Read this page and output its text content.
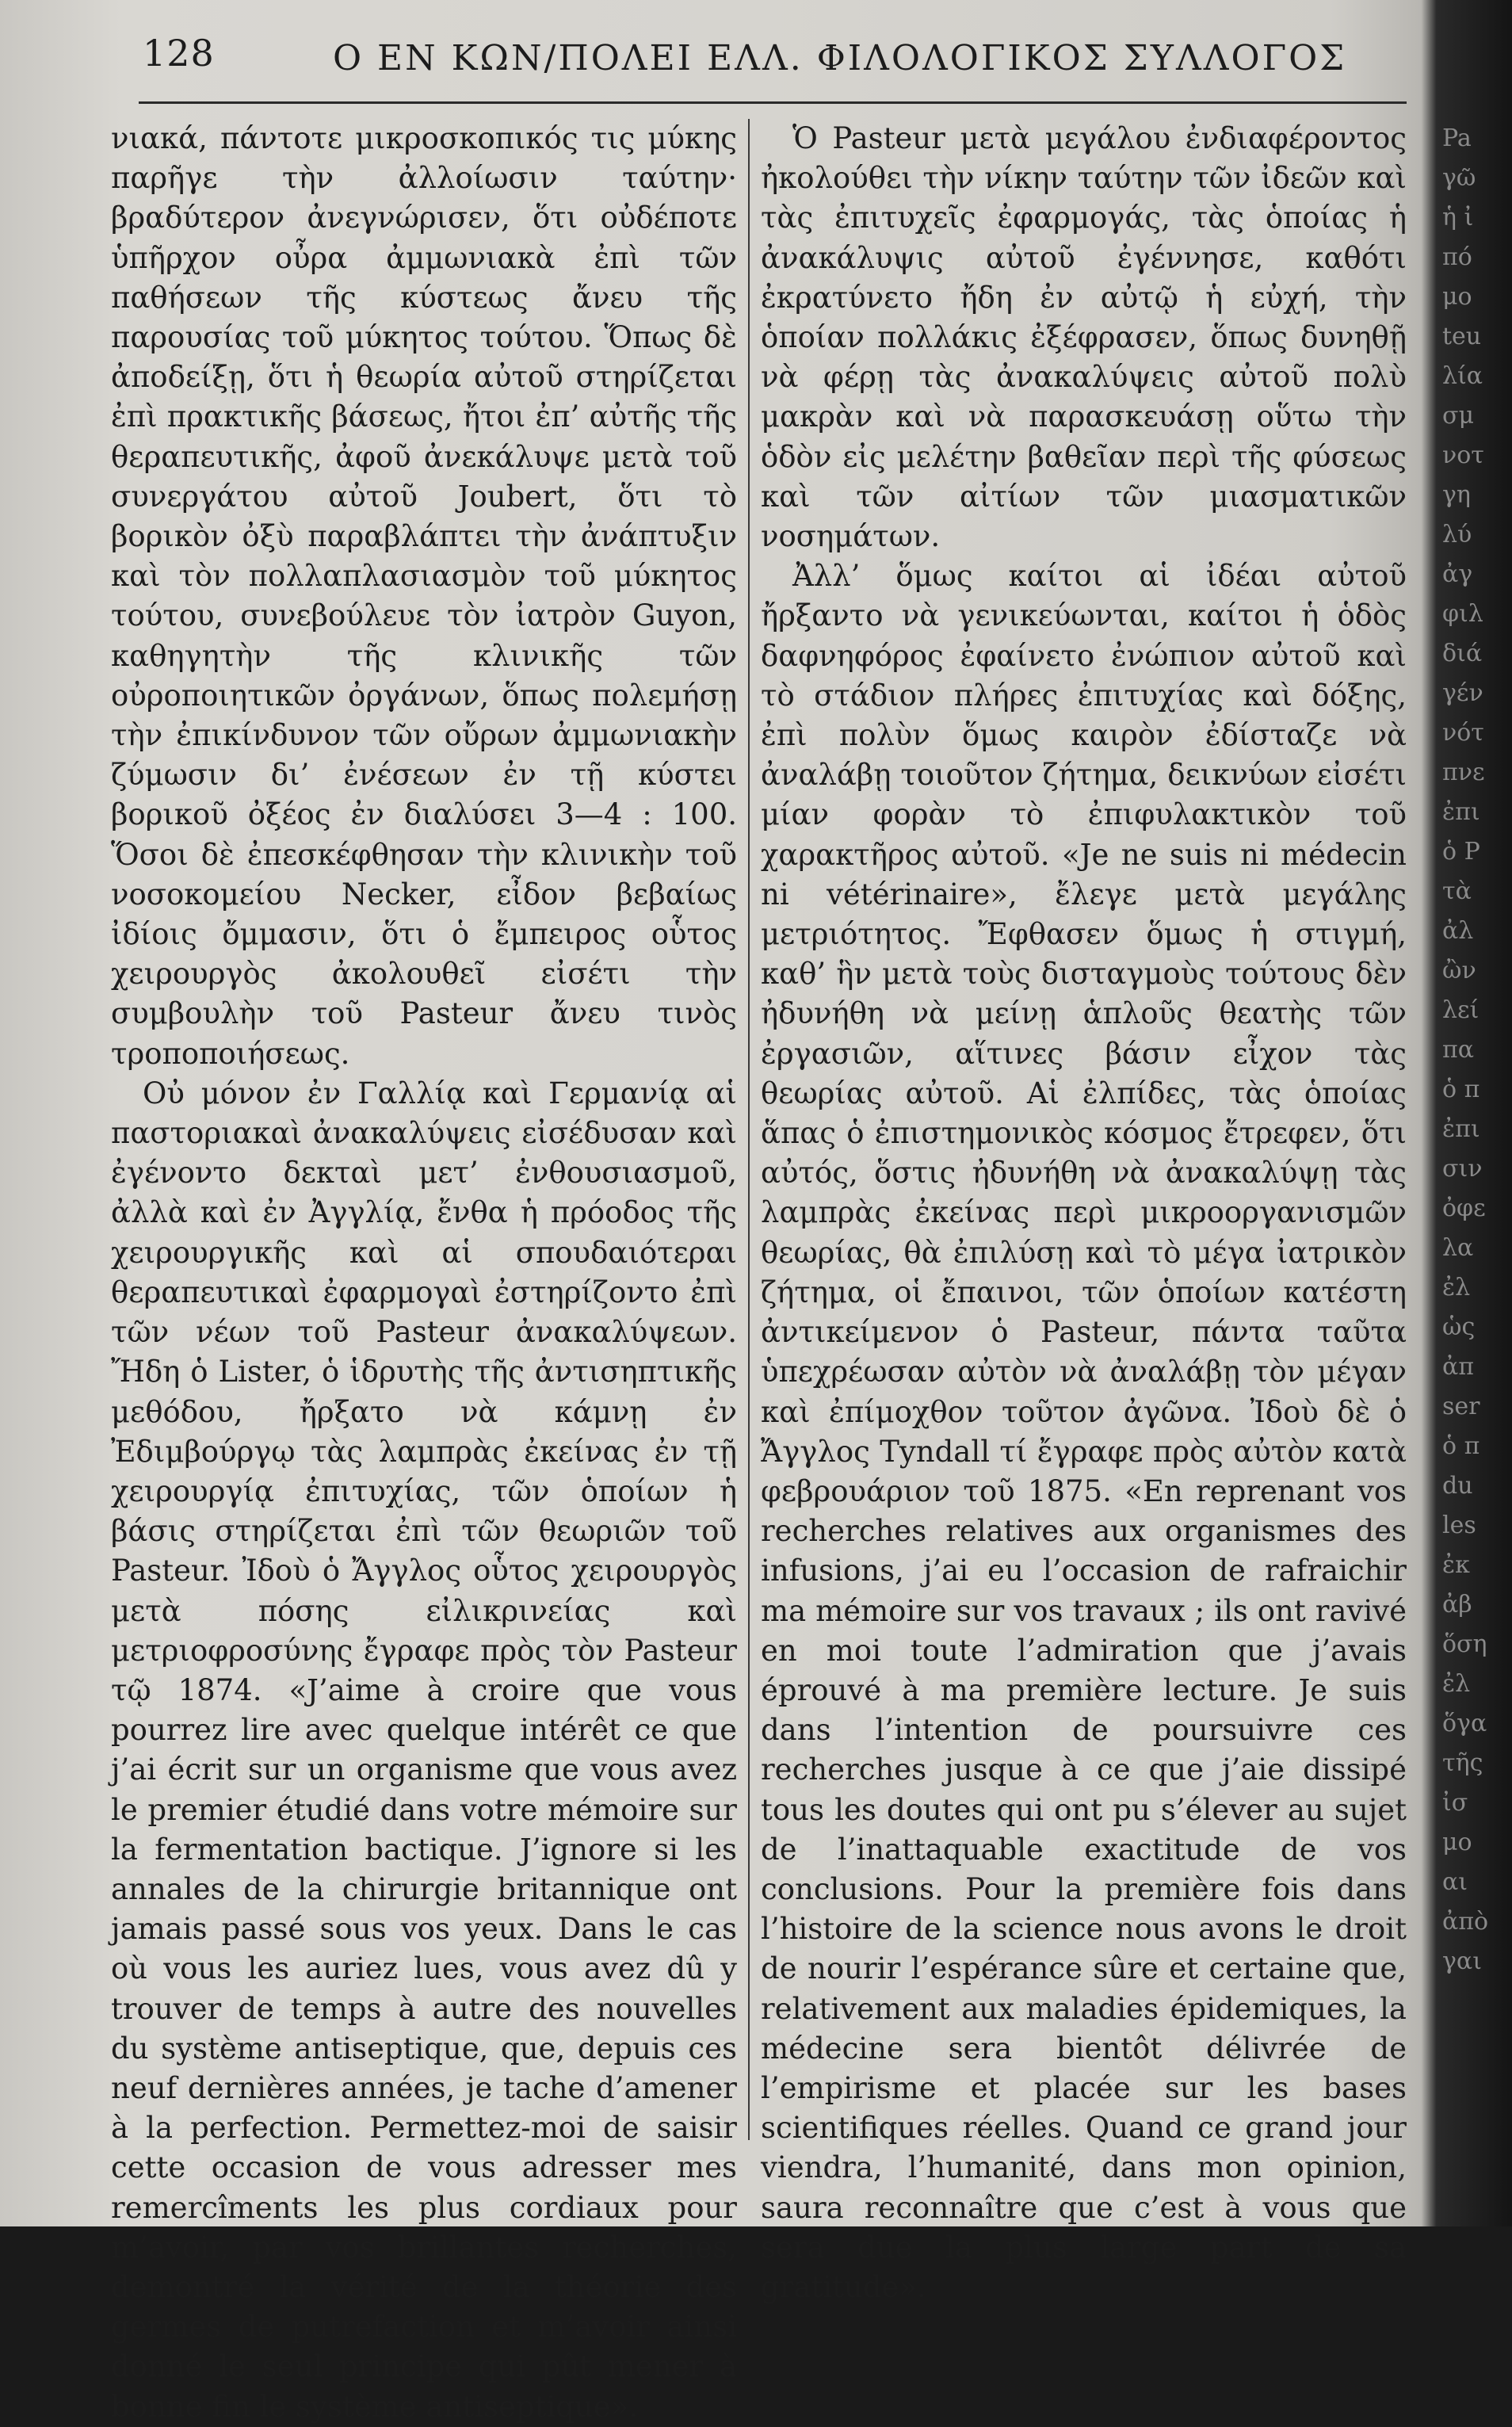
128	Ο ΕΝ ΚΩΝ/ΠΟΛΕΙ ΕΛΛ. ΦΙΛΟΛΟΓΙΚΟΣ ΣΥΛΛΟΓΟΣ

νιακά, πάντοτε μικροσκοπικός τις μύκης παρῆγε τὴν ἀλλοίωσιν ταύτην· βραδύτερον ἀνεγνώρισεν, ὅτι οὐδέποτε ὑπῆρχον οὖρα ἀμμωνιακὰ ἐπὶ τῶν παθήσεων τῆς κύστεως ἄνευ τῆς παρουσίας τοῦ μύκητος τούτου. Ὅπως δὲ ἀποδείξῃ, ὅτι ἡ θεωρία αὐτοῦ στηρίζεται ἐπὶ πρακτικῆς βάσεως, ἤτοι ἐπ’ αὐτῆς τῆς θεραπευτικῆς, ἀφοῦ ἀνεκάλυψε μετὰ τοῦ συνεργάτου αὐτοῦ Joubert, ὅτι τὸ βορικὸν ὀξὺ παραβλάπτει τὴν ἀνάπτυξιν καὶ τὸν πολλαπλασιασμὸν τοῦ μύκητος τούτου, συνεβούλευε τὸν ἰατρὸν Guyon, καθηγητὴν τῆς κλινικῆς τῶν οὐροποιητικῶν ὀργάνων, ὅπως πολεμήσῃ τὴν ἐπικίνδυνον τῶν οὔρων ἀμμωνιακὴν ζύμωσιν δι’ ἐνέσεων ἐν τῇ κύστει βορικοῦ ὀξέος ἐν διαλύσει 3—4 : 100. Ὅσοι δὲ ἐπεσκέφθησαν τὴν κλινικὴν τοῦ νοσοκομείου Necker, εἶδον βεβαίως ἰδίοις ὄμμασιν, ὅτι ὁ ἔμπειρος οὗτος χειρουργὸς ἀκολουθεῖ εἰσέτι τὴν συμβουλὴν τοῦ Pasteur ἄνευ τινὸς τροποποιήσεως.

Οὐ μόνον ἐν Γαλλίᾳ καὶ Γερμανίᾳ αἱ παστοριακαὶ ἀνακαλύψεις εἰσέδυσαν καὶ ἐγένοντο δεκταὶ μετ’ ἐνθουσιασμοῦ, ἀλλὰ καὶ ἐν Ἀγγλίᾳ, ἔνθα ἡ πρόοδος τῆς χειρουργικῆς καὶ αἱ σπουδαιότεραι θεραπευτικαὶ ἐφαρμογαὶ ἐστηρίζοντο ἐπὶ τῶν νέων τοῦ Pasteur ἀνακαλύψεων. Ἤδη ὁ Lister, ὁ ἱδρυτὴς τῆς ἀντισηπτικῆς μεθόδου, ἤρξατο νὰ κάμνῃ ἐν Ἐδιμβούργῳ τὰς λαμπρὰς ἐκείνας ἐν τῇ χειρουργίᾳ ἐπιτυχίας, τῶν ὁποίων ἡ βάσις στηρίζεται ἐπὶ τῶν θεωριῶν τοῦ Pasteur. Ἰδοὺ ὁ Ἄγγλος οὗτος χειρουργὸς μετὰ πόσης εἰλικρινείας καὶ μετριοφροσύνης ἔγραφε πρὸς τὸν Pasteur τῷ 1874. «J’aime à croire que vous pourrez lire avec quelque intérêt ce que j’ai écrit sur un organisme que vous avez le premier étudié dans votre mémoire sur la fermentation bactique. J’ignore si les annales de la chirurgie britannique ont jamais passé sous vos yeux. Dans le cas où vous les auriez lues, vous avez dû y trouver de temps à autre des nouvelles du système antiseptique, que, depuis ces neuf dernières années, je tache d’amener à la perfection. Permettez-moi de saisir cette occasion de vous adresser mes remercîments les plus cordiaux pour m’avoir, par vos brillantes recherches, demontré la vérité de la théorie des germes de putrefaction et m’avoir ainsi donné le seul principe qui pût mener à bonne fin le système antiseptique».

Ὁ Pasteur μετὰ μεγάλου ἐνδιαφέροντος ἠκολούθει τὴν νίκην ταύτην τῶν ἰδεῶν καὶ τὰς ἐπιτυχεῖς ἐφαρμογάς, τὰς ὁποίας ἡ ἀνακάλυψις αὐτοῦ ἐγέννησε, καθότι ἐκρατύνετο ἤδη ἐν αὐτῷ ἡ εὐχή, τὴν ὁποίαν πολλάκις ἐξέφρασεν, ὅπως δυνηθῇ νὰ φέρῃ τὰς ἀνακαλύψεις αὐτοῦ πολὺ μακρὰν καὶ νὰ παρασκευάσῃ οὕτω τὴν ὁδὸν εἰς μελέτην βαθεῖαν περὶ τῆς φύσεως καὶ τῶν αἰτίων τῶν μιασματικῶν νοσημάτων.

Ἀλλ’ ὅμως καίτοι αἱ ἰδέαι αὐτοῦ ἤρξαντο νὰ γενικεύωνται, καίτοι ἡ ὁδὸς δαφνηφόρος ἐφαίνετο ἐνώπιον αὐτοῦ καὶ τὸ στάδιον πλήρες ἐπιτυχίας καὶ δόξης, ἐπὶ πολὺν ὅμως καιρὸν ἐδίσταζε νὰ ἀναλάβῃ τοιοῦτον ζήτημα, δεικνύων εἰσέτι μίαν φορὰν τὸ ἐπιφυλακτικὸν τοῦ χαρακτῆρος αὐτοῦ. «Je ne suis ni médecin ni vétérinaire», ἔλεγε μετὰ μεγάλης μετριότητος. Ἔφθασεν ὅμως ἡ στιγμή, καθ’ ἣν μετὰ τοὺς δισταγμοὺς τούτους δὲν ἠδυνήθη νὰ μείνῃ ἁπλοῦς θεατὴς τῶν ἐργασιῶν, αἵτινες βάσιν εἶχον τὰς θεωρίας αὐτοῦ. Αἱ ἐλπίδες, τὰς ὁποίας ἅπας ὁ ἐπιστημονικὸς κόσμος ἔτρεφεν, ὅτι αὐτός, ὅστις ἠδυνήθη νὰ ἀνακαλύψῃ τὰς λαμπρὰς ἐκείνας περὶ μικροοργανισμῶν θεωρίας, θὰ ἐπιλύσῃ καὶ τὸ μέγα ἰατρικὸν ζήτημα, οἱ ἔπαινοι, τῶν ὁποίων κατέστη ἀντικείμενον ὁ Pasteur, πάντα ταῦτα ὑπεχρέωσαν αὐτὸν νὰ ἀναλάβῃ τὸν μέγαν καὶ ἐπίμοχθον τοῦτον ἀγῶνα. Ἰδοὺ δὲ ὁ Ἄγγλος Tyndall τί ἔγραφε πρὸς αὐτὸν κατὰ φεβρουάριον τοῦ 1875. «En reprenant vos recherches relatives aux organismes des infusions, j’ai eu l’occasion de rafraichir ma mémoire sur vos travaux ; ils ont ravivé en moi toute l’admiration que j’avais éprouvé à ma première lecture. Je suis dans l’intention de poursuivre ces recherches jusque à ce que j’aie dissipé tous les doutes qui ont pu s’élever au sujet de l’inattaquable exactitude de vos conclusions. Pour la première fois dans l’histoire de la science nous avons le droit de nourir l’espérance sûre et certaine que, relativement aux maladies épidemiques, la médecine sera bientôt délivrée de l’empirisme et placée sur les bases scientifiques réelles. Quand ce grand jour viendra, l’humanité, dans mon opinion, saura reconnaître que c’est à vous que sera due la plus large part de sa gratitude».

Pa
γῶ
ἡ ἰ
πό
μο
teu
λία
σμ
νοτ
γη
λύ
ἀγ
φιλ
διά
γέν
νότ
πνε
ἐπι
ὁ Ρ
τὰ
ἀλ
ὢν
λεί
πα
ὁ π
ἐπι
σιν
ὀφε
λα
ἐλ
ὡς
ἀπ
ser
ὁ π
du
les
ἐκ
ἀβ
ὅση
ἐλ
ὅγα
τῆς
ἰσ
μο
αι
ἀπὸ
γαι
